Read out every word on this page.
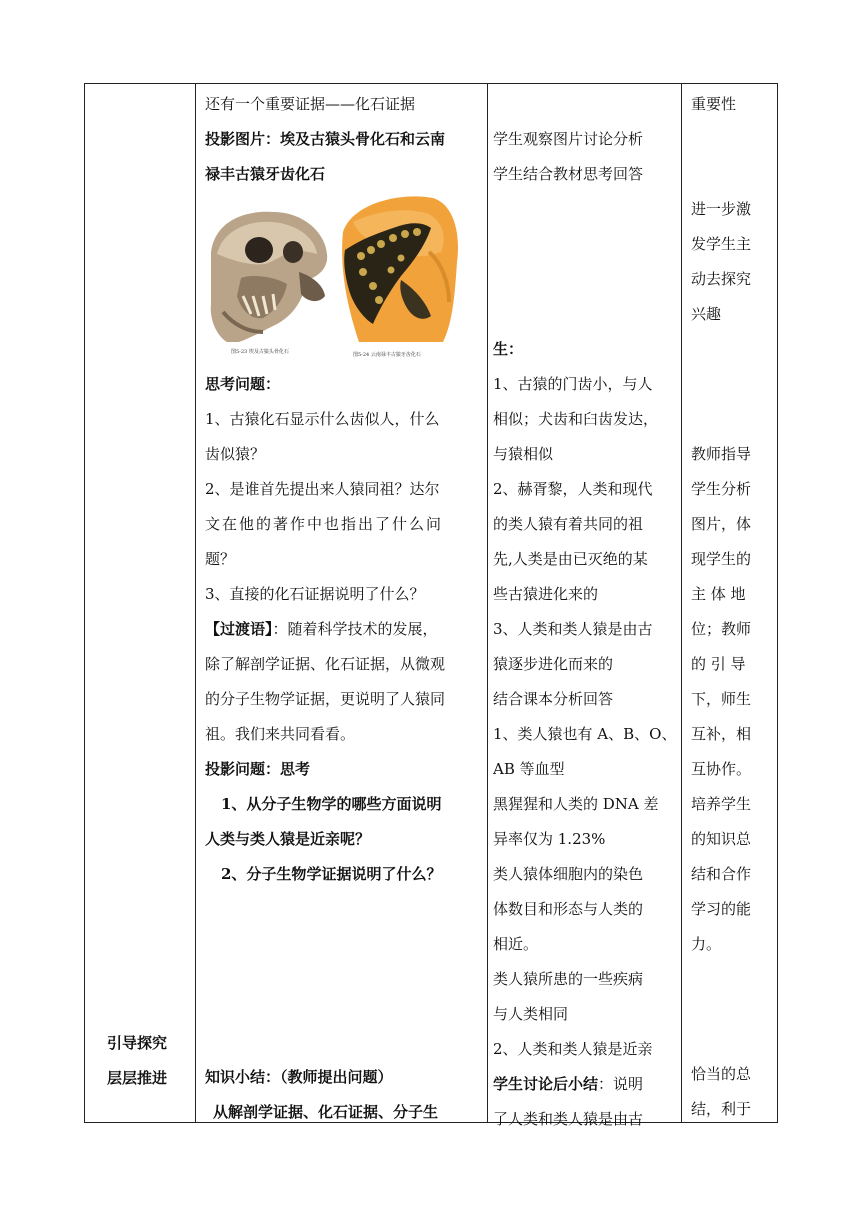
引导探究
层层推进
还有一个重要证据——化石证据
投影图片：埃及古猿头骨化石和云南
禄丰古猿牙齿化石
图5-23 埃及古猿头骨化石	图5-24 云南禄丰古猿牙齿化石
思考问题：
1、古猿化石显示什么齿似人，什么
齿似猿？
2、是谁首先提出来人猿同祖？达尔
文在他的著作中也指出了什么问
题？
3、直接的化石证据说明了什么？
【过渡语】：随着科学技术的发展，
除了解剖学证据、化石证据，从微观
的分子生物学证据，更说明了人猿同
祖。我们来共同看看。
投影问题：思考
1、从分子生物学的哪些方面说明
人类与类人猿是近亲呢？
2、分子生物学证据说明了什么？
知识小结：（教师提出问题）
从解剖学证据、化石证据、分子生
学生观察图片讨论分析
学生结合教材思考回答
生：
1、古猿的门齿小，与人
相似；犬齿和臼齿发达，
与猿相似
2、赫胥黎，人类和现代
的类人猿有着共同的祖
先,人类是由已灭绝的某
些古猿进化来的
3、人类和类人猿是由古
猿逐步进化而来的
结合课本分析回答
1、类人猿也有 A、B、O、
AB 等血型
黑猩猩和人类的 DNA 差
异率仅为 1.23%
类人猿体细胞内的染色
体数目和形态与人类的
相近。
类人猿所患的一些疾病
与人类相同
2、人类和类人猿是近亲
学生讨论后小结：说明
了人类和类人猿是由古
重要性
进一步激
发学生主
动去探究
兴趣
教师指导
学生分析
图片，体
现学生的
主 体 地
位；教师
的 引 导
下，师生
互补，相
互协作。
培养学生
的知识总
结和合作
学习的能
力。
恰当的总
结，利于
